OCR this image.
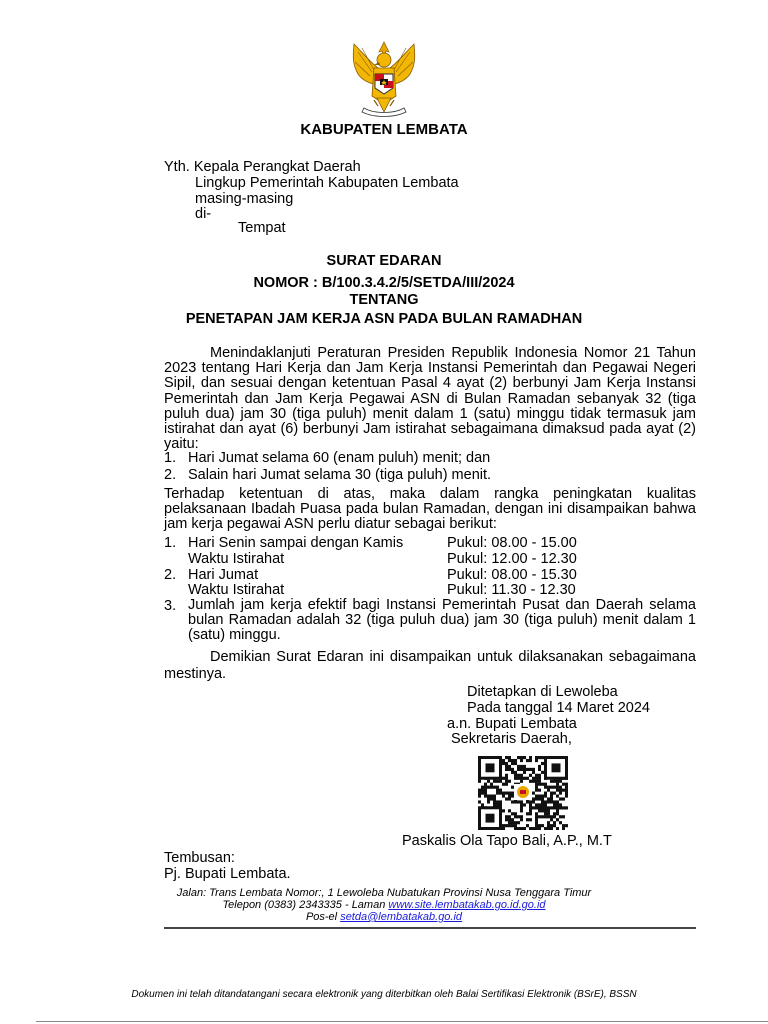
KABUPATEN LEMBATA
Yth. Kepala Perangkat Daerah
Lingkup Pemerintah Kabupaten Lembata
masing-masing
di-
Tempat
SURAT EDARAN
NOMOR : B/100.3.4.2/5/SETDA/III/2024
TENTANG
PENETAPAN JAM KERJA ASN PADA BULAN RAMADHAN

Menindaklanjuti Peraturan Presiden Republik Indonesia Nomor 21 Tahun 2023 tentang Hari Kerja dan Jam Kerja Instansi Pemerintah dan Pegawai Negeri Sipil, dan sesuai dengan ketentuan Pasal 4 ayat (2) berbunyi Jam Kerja Instansi Pemerintah dan Jam Kerja Pegawai ASN di Bulan Ramadan sebanyak 32 (tiga puluh dua) jam 30 (tiga puluh) menit dalam 1 (satu) minggu tidak termasuk jam istirahat dan ayat (6) berbunyi Jam istirahat sebagaimana dimaksud pada ayat (2) yaitu:

1. Hari Jumat selama 60 (enam puluh) menit; dan
2. Salain hari Jumat selama 30 (tiga puluh) menit.

Terhadap ketentuan di atas, maka dalam rangka peningkatan kualitas pelaksanaan Ibadah Puasa pada bulan Ramadan, dengan ini disampaikan bahwa jam kerja pegawai ASN perlu diatur sebagai berikut:

1. Hari Senin sampai dengan Kamis	Pukul: 08.00 - 15.00
Waktu Istirahat	Pukul: 12.00 - 12.30
2. Hari Jumat	Pukul: 08.00 - 15.30
Waktu Istirahat	Pukul: 11.30 - 12.30
3. Jumlah jam kerja efektif bagi Instansi Pemerintah Pusat dan Daerah selama bulan Ramadan adalah 32 (tiga puluh dua) jam 30 (tiga puluh) menit dalam 1 (satu) minggu.

Demikian Surat Edaran ini disampaikan untuk dilaksanakan sebagaimana mestinya.

Ditetapkan di Lewoleba
Pada tanggal 14 Maret 2024
a.n. Bupati Lembata
Sekretaris Daerah,
Paskalis Ola Tapo Bali, A.P., M.T
Tembusan:
Pj. Bupati Lembata.
Jalan: Trans Lembata Nomor:, 1 Lewoleba Nubatukan Provinsi Nusa Tenggara Timur
Telepon (0383) 2343335 - Laman www.site.lembatakab.go.id.go.id
Pos-el setda@lembatakab.go.id
Dokumen ini telah ditandatangani secara elektronik yang diterbitkan oleh Balai Sertifikasi Elektronik (BSrE), BSSN
